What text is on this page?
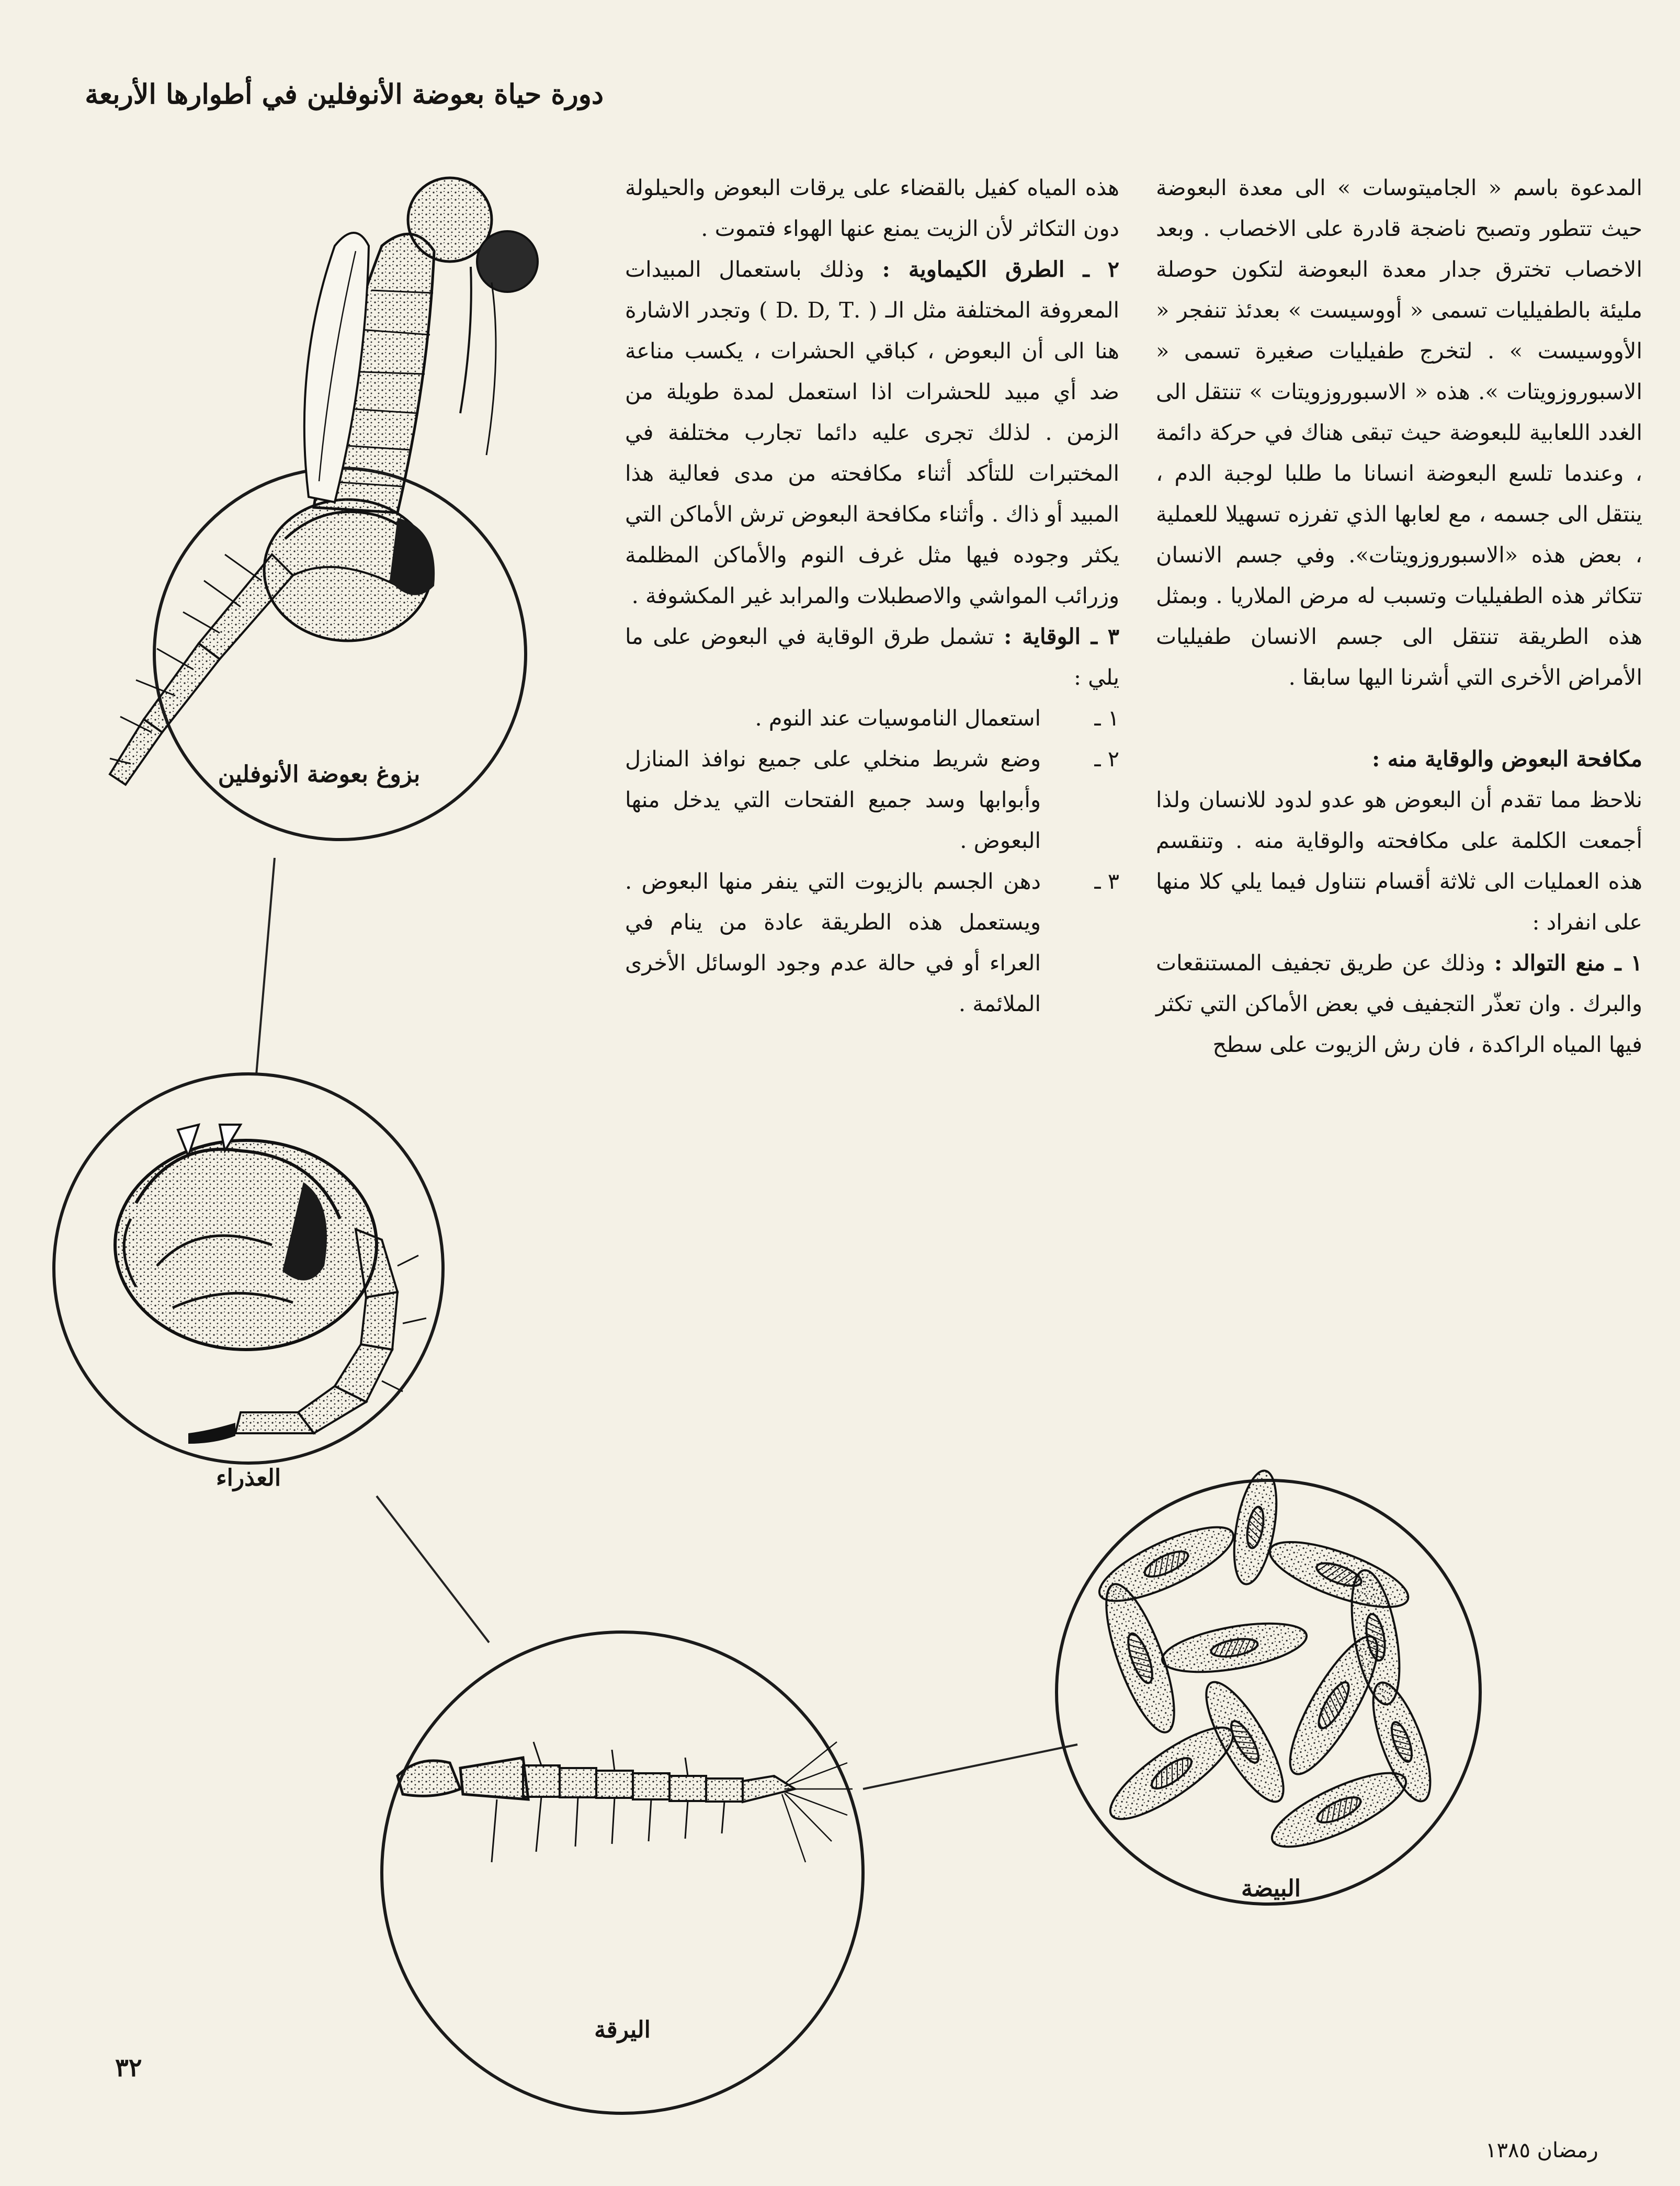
دورة حياة بعوضة الأنوفلين في أطوارها الأربعة

المدعوة باسم « الجاميتوسات » الى معدة البعوضة حيث تتطور وتصبح ناضجة قادرة على الاخصاب . وبعد الاخصاب تخترق جدار معدة البعوضة لتكون حوصلة مليئة بالطفيليات تسمى « أووسيست » بعدئذ تنفجر « الأووسيست » . لتخرج طفيليات صغيرة تسمى « الاسبوروزويتات ». هذه « الاسبوروزويتات » تنتقل الى الغدد اللعابية للبعوضة حيث تبقى هناك في حركة دائمة ، وعندما تلسع البعوضة انسانا ما طلبا لوجبة الدم ، ينتقل الى جسمه ، مع لعابها الذي تفرزه تسهيلا للعملية ، بعض هذه «الاسبوروزويتات». وفي جسم الانسان تتكاثر هذه الطفيليات وتسبب له مرض الملاريا . وبمثل هذه الطريقة تنتقل الى جسم الانسان طفيليات الأمراض الأخرى التي أشرنا اليها سابقا .

مكافحة البعوض والوقاية منه :

نلاحظ مما تقدم أن البعوض هو عدو لدود للانسان ولذا أجمعت الكلمة على مكافحته والوقاية منه . وتنقسم هذه العمليات الى ثلاثة أقسام نتناول فيما يلي كلا منها على انفراد :

١ ـ منع التوالد : وذلك عن طريق تجفيف المستنقعات والبرك . وان تعذّر التجفيف في بعض الأماكن التي تكثر فيها المياه الراكدة ، فان رش الزيوت على سطح

هذه المياه كفيل بالقضاء على يرقات البعوض والحيلولة دون التكاثر لأن الزيت يمنع عنها الهواء فتموت .

٢ ـ الطرق الكيماوية : وذلك باستعمال المبيدات المعروفة المختلفة مثل الـ ( .D. D, T ) وتجدر الاشارة هنا الى أن البعوض ، كباقي الحشرات ، يكسب مناعة ضد أي مبيد للحشرات اذا استعمل لمدة طويلة من الزمن . لذلك تجرى عليه دائما تجارب مختلفة في المختبرات للتأكد أثناء مكافحته من مدى فعالية هذا المبيد أو ذاك . وأثناء مكافحة البعوض ترش الأماكن التي يكثر وجوده فيها مثل غرف النوم والأماكن المظلمة وزرائب المواشي والاصطبلات والمرابد غير المكشوفة .

٣ ـ الوقاية : تشمل طرق الوقاية في البعوض على ما يلي :

١ ـ
استعمال الناموسيات عند النوم .
٢ ـ
وضع شريط منخلي على جميع نوافذ المنازل وأبوابها وسد جميع الفتحات التي يدخل منها البعوض .
٣ ـ
دهن الجسم بالزيوت التي ينفر منها البعوض . ويستعمل هذه الطريقة عادة من ينام في العراء أو في حالة عدم وجود الوسائل الأخرى الملائمة .
بزوغ بعوضة الأنوفلين
العذراء
اليرقة
البيضة
٣٢
رمضان ١٣٨٥
